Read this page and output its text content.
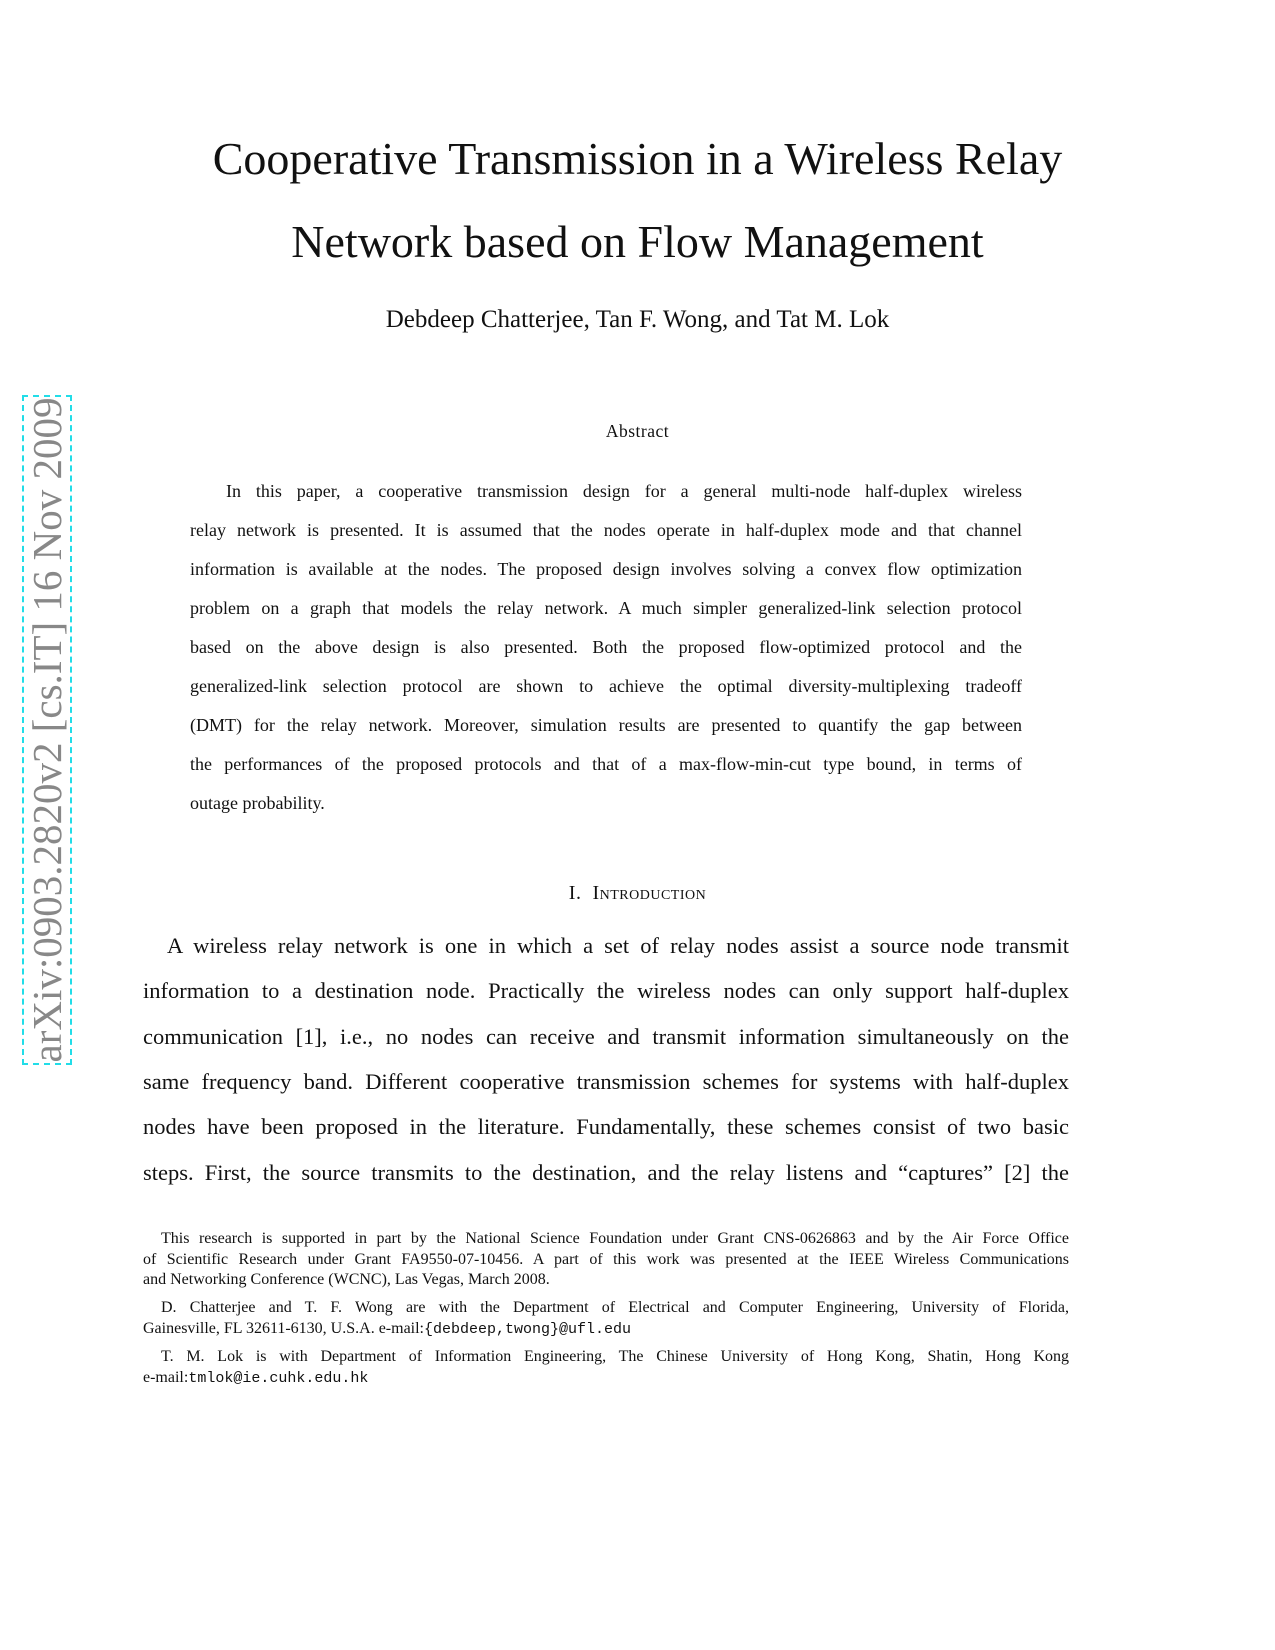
arXiv:0903.2820v2 [cs.IT] 16 Nov 2009
Cooperative Transmission in a Wireless Relay
Network based on Flow Management
Debdeep Chatterjee, Tan F. Wong, and Tat M. Lok
Abstract
In this paper, a cooperative transmission design for a general multi-node half-duplex wireless
relay network is presented. It is assumed that the nodes operate in half-duplex mode and that channel
information is available at the nodes. The proposed design involves solving a convex flow optimization
problem on a graph that models the relay network. A much simpler generalized-link selection protocol
based on the above design is also presented. Both the proposed flow-optimized protocol and the
generalized-link selection protocol are shown to achieve the optimal diversity-multiplexing tradeoff
(DMT) for the relay network. Moreover, simulation results are presented to quantify the gap between
the performances of the proposed protocols and that of a max-flow-min-cut type bound, in terms of
outage probability.
I. Introduction
A wireless relay network is one in which a set of relay nodes assist a source node transmit
information to a destination node. Practically the wireless nodes can only support half-duplex
communication [1], i.e., no nodes can receive and transmit information simultaneously on the
same frequency band. Different cooperative transmission schemes for systems with half-duplex
nodes have been proposed in the literature. Fundamentally, these schemes consist of two basic
steps. First, the source transmits to the destination, and the relay listens and “captures” [2] the
This research is supported in part by the National Science Foundation under Grant CNS-0626863 and by the Air Force Office
of Scientific Research under Grant FA9550-07-10456. A part of this work was presented at the IEEE Wireless Communications
and Networking Conference (WCNC), Las Vegas, March 2008.
D. Chatterjee and T. F. Wong are with the Department of Electrical and Computer Engineering, University of Florida,
Gainesville, FL 32611-6130, U.S.A. e-mail:{debdeep,twong}@ufl.edu
T. M. Lok is with Department of Information Engineering, The Chinese University of Hong Kong, Shatin, Hong Kong
e-mail:tmlok@ie.cuhk.edu.hk
